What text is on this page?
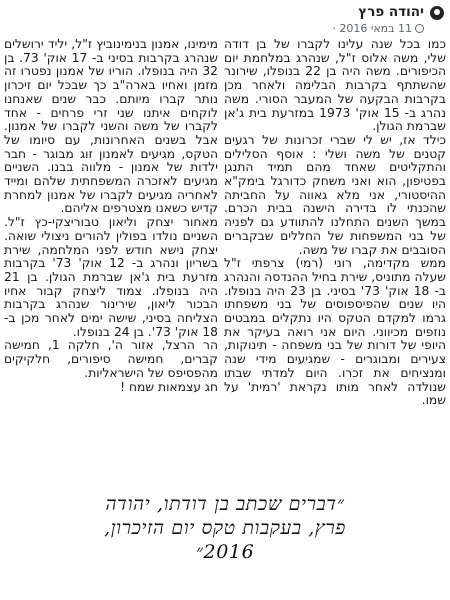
יהודה פרץ
11 במאי 2016 ·

כמו בכל שנה עלינו לקברו של בן דודה שלי, משה אלוס ז"ל, שנהרג במלחמת יום הכיפורים. משה היה בן 22 בנופלו, שירונר שהשתתף בקרבות הבלימה ולאחר מכן בקרבות הבקעה של המעבר הסורי. משה נהרג ב- 15 אוק' 1973 במזרעת בית ג'אן שברמת הגולן.

כילד אז, יש לי שברי זכרונות של רגעים קטנים של משה ושלי : אוסף הסלילים והתקליטים שאחד מהם תמיד התנגן בפטיפון, הוא ואני משחק כדורגל בימק"א ההיסטורי, אני מלא גאווה על החביתה שהכנתי לו בדירה הישנה בבית הכרם. במשך השנים התחלנו להתוודע גם לפניה של בני המשפחות של החללים שבקברים הסובבים את קברו של משה.

ממש מקדימה, רוני (רמי) צרפתי ז"ל שעלה מתוניס, שירת בחיל ההנדסה והנהרג ב- 18 אוק' 73' בסיני. בן 23 היה בנופלו. היו שנים שהפיספוסים של בני משפחתו גרמו למקדם הטקס היו נתקלים במבטים נוזפים מכיווני. היום אני רואה בעיקר את היופי של דורות של בני משפחה - תינוקות, צעירים ומבוגרים - שמגיעים מידי שנה ומנציחים את זכרו. היום למדתי שבתו שנולדה לאחר מותו נקראת 'רמית' על שמו.

מימינו, אמנון בנימינוביץ ז"ל, יליד ירושלים שנהרג בקרבות בסיני ב- 17 אוק' 73. בן 32 היה בנופלו. הוריו של אמנון נפטרו זה מזמן ואחיו בארה"ב כך שבכל יום זיכרון נותר קברו מיותם. כבר שנים שאנחנו לוקחים איתנו שני זרי פרחים - אחד לקברו של משה והשני לקברו של אמנון. אבל בשנים האחרונות, עם סיומו של הטקס, מגיעים לאמנון זוג מבוגר - חבר ילדות של אמנון - מלווה בבנו. השניים מגיעים לאזכרה המשפחתית שלהם ומייד לאחריה מגיעים לקברו של אמנון למחרת קדיש כשאנו מצטרפים אליהם.

מאחור יצחק וליאון טבוריצקי-כץ ז"ל. השניים נולדו בפולין להורים ניצולי שואה. יצחק נישא חודש לפני המלחמה, שירת בשריון ונהרג ב- 12 אוק' 73' בקרבות מזרעת בית ג'אן שברמת הגולן. בן 21 היה בנופלו. צמוד ליצחק קבור אחיו הבכור ליאון, שירינור שנהרג בקרבות הצליחה בסיני, שישה ימים לאחר מכן ב- 18 אוק' 73'. בן 24 בנופלו.

הר הרצל, אזור ה', חלקה 1, חמישה קברים, חמישה סיפורים, חלקיקים מהפסיפס של הישראליות.

חג עצמאות שמח !

״דברים שכתב בן דודתו, יהודה
פרץ, בעקבות טקס יום הזיכרון,
2016״
